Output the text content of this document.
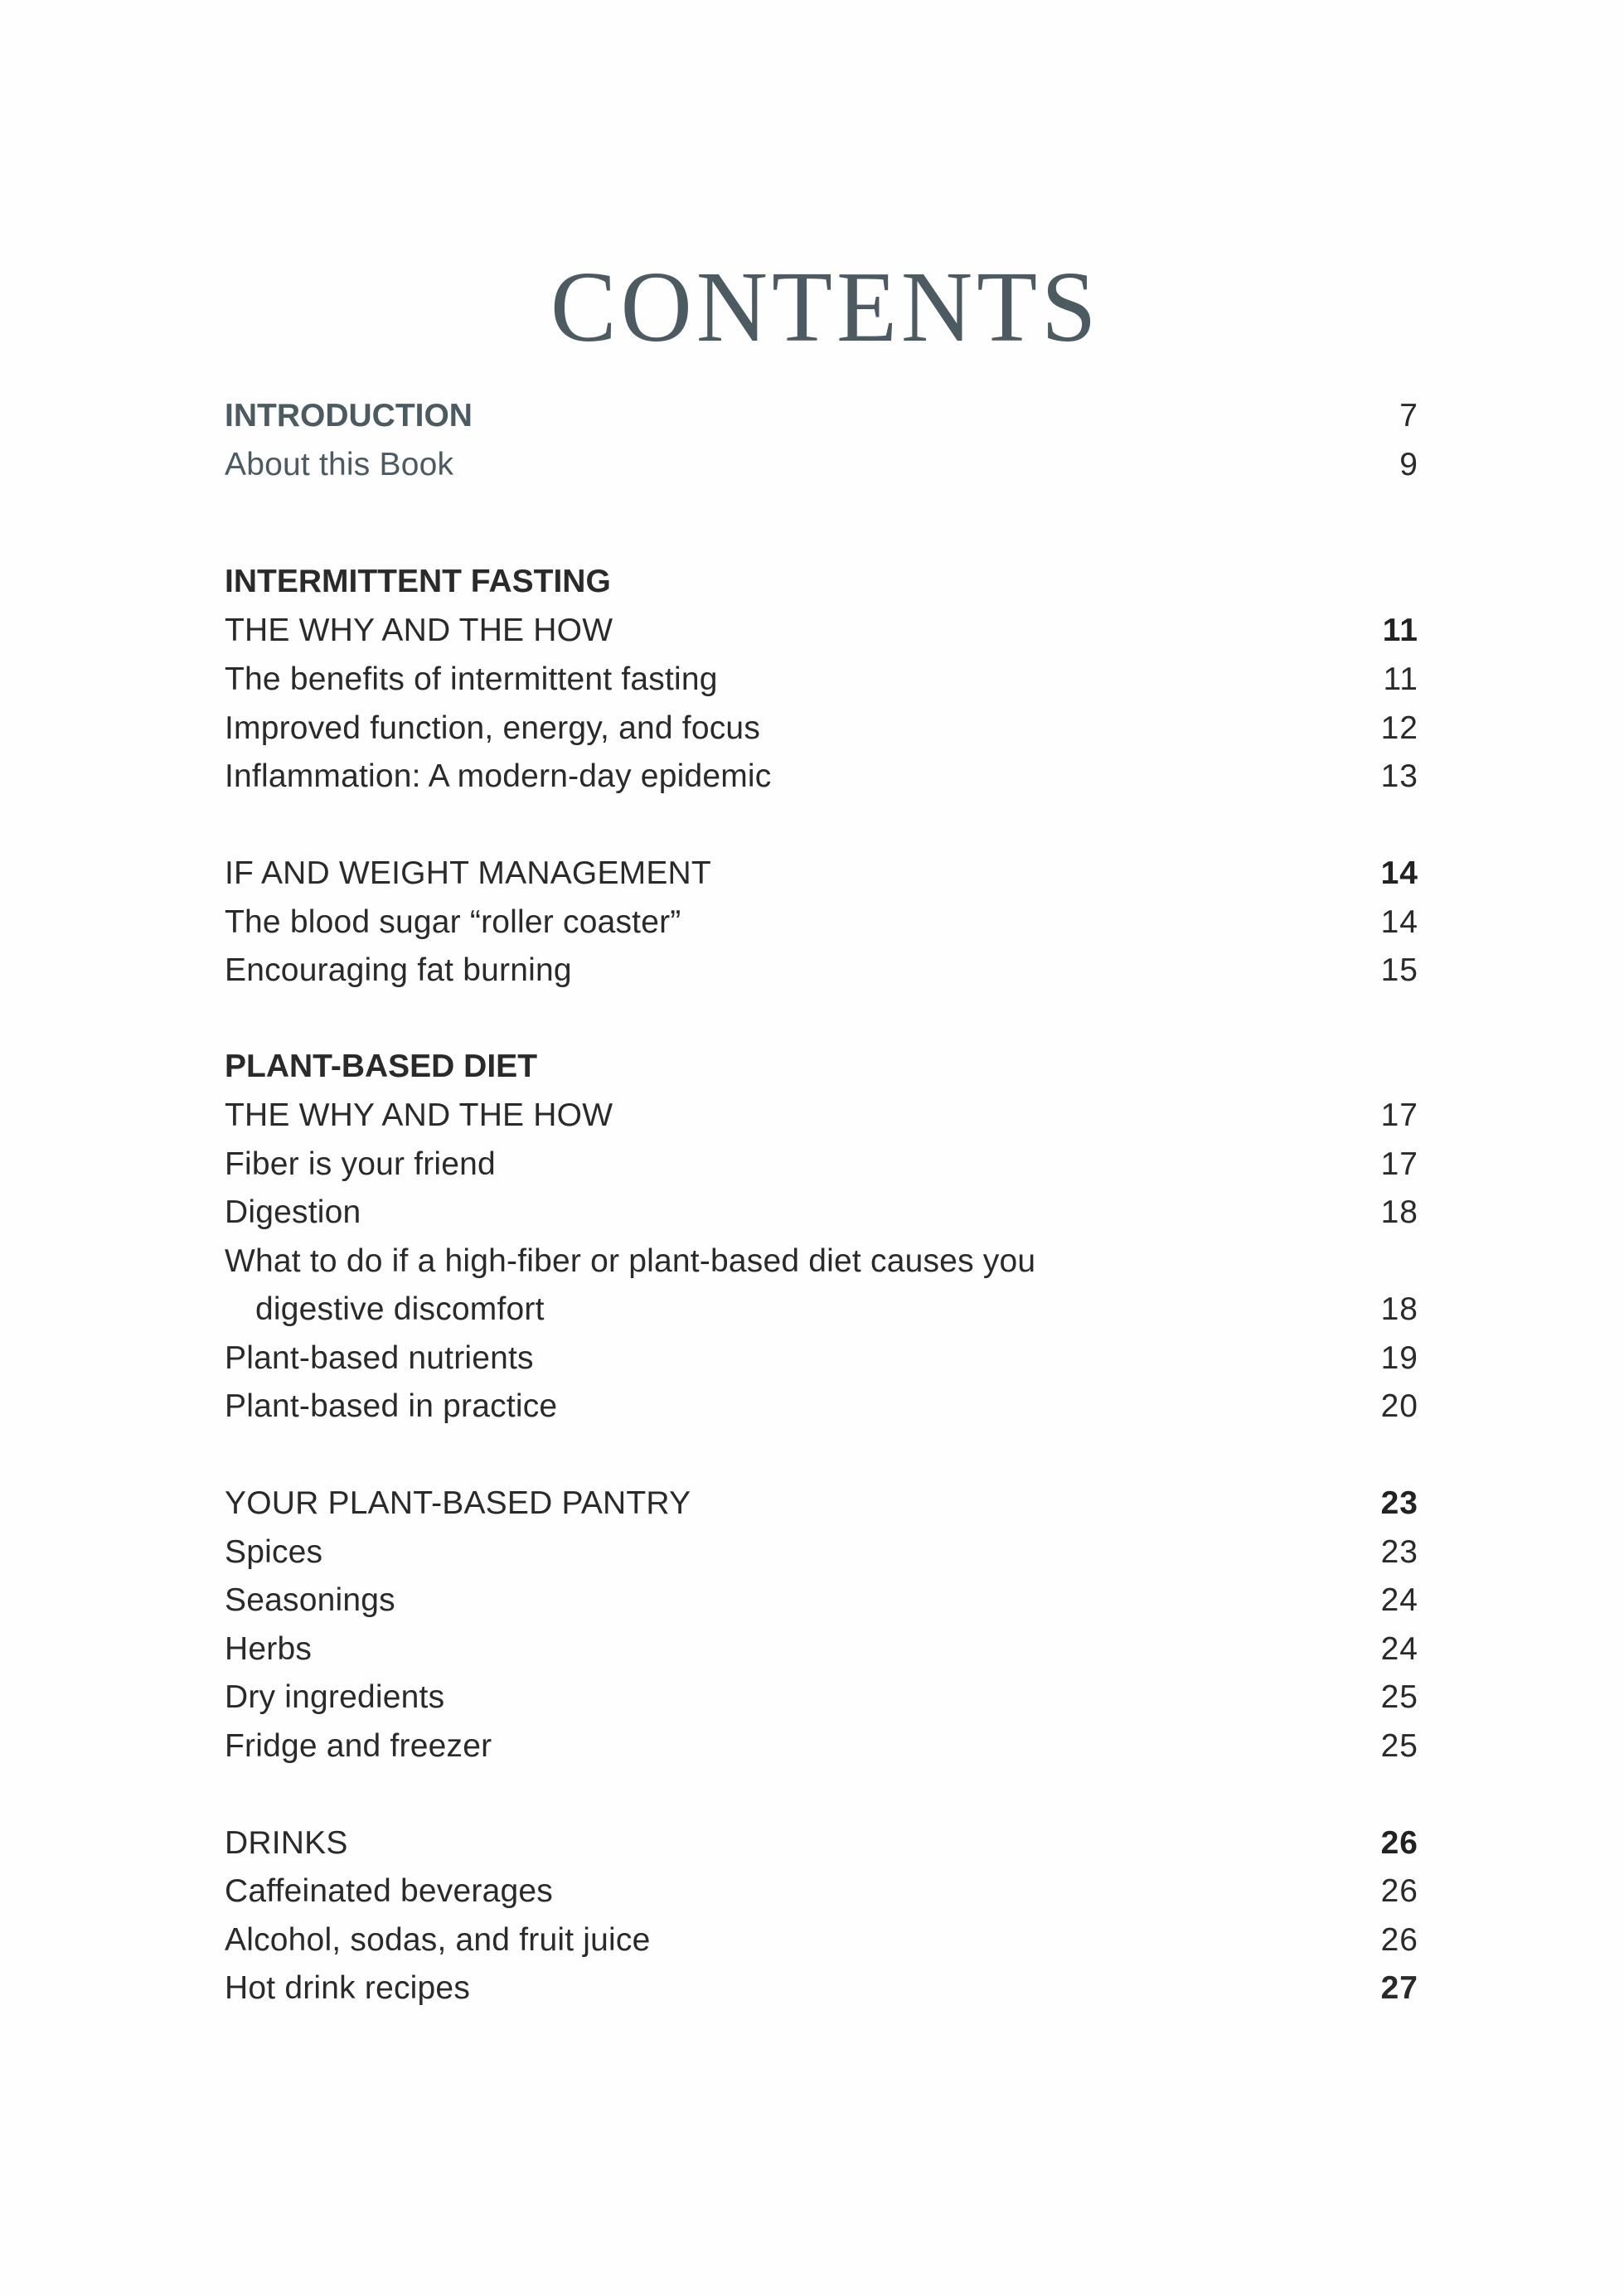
CONTENTS
INTRODUCTION	7
About this Book	9
INTERMITTENT FASTING
THE WHY AND THE HOW	11
The benefits of intermittent fasting	11
Improved function, energy, and focus	12
Inflammation: A modern-day epidemic	13
IF AND WEIGHT MANAGEMENT	14
The blood sugar “roller coaster”	14
Encouraging fat burning	15
PLANT-BASED DIET
THE WHY AND THE HOW	17
Fiber is your friend	17
Digestion	18
What to do if a high-fiber or plant-based diet causes you
digestive discomfort	18
Plant-based nutrients	19
Plant-based in practice	20
YOUR PLANT-BASED PANTRY	23
Spices	23
Seasonings	24
Herbs	24
Dry ingredients	25
Fridge and freezer	25
DRINKS	26
Caffeinated beverages	26
Alcohol, sodas, and fruit juice	26
Hot drink recipes	27
